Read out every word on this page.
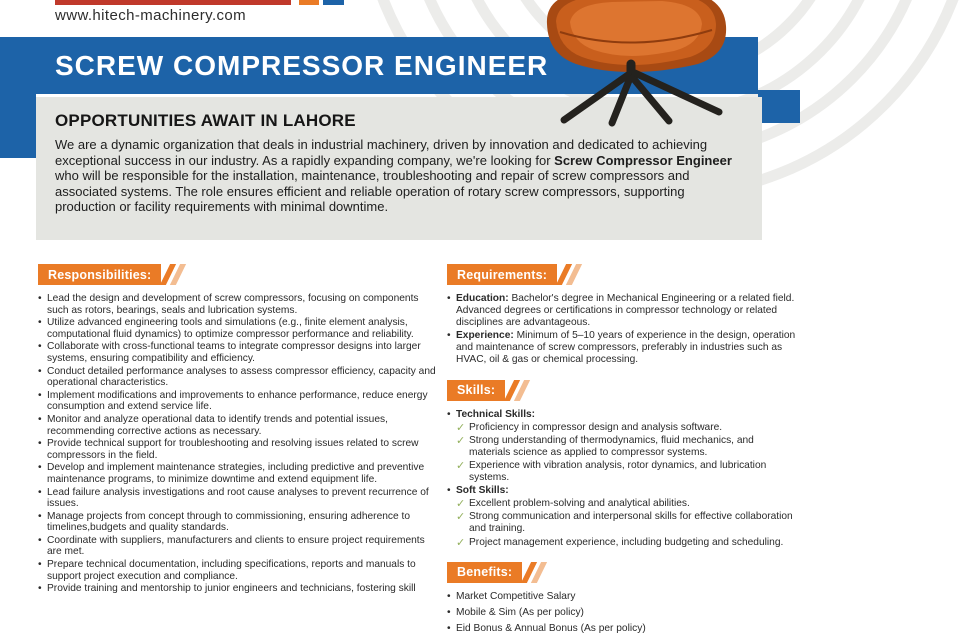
www.hitech-machinery.com
SCREW COMPRESSOR ENGINEER
OPPORTUNITIES AWAIT IN LAHORE

We are a dynamic organization that deals in industrial machinery, driven by innovation and dedicated to achieving exceptional success in our industry. As a rapidly expanding company, we're looking for Screw Compressor Engineer who will be responsible for the installation, maintenance, troubleshooting and repair of screw compressors and associated systems. The role ensures efficient and reliable operation of rotary screw compressors, supporting production or facility requirements with minimal downtime.

Responsibilities:
• Lead the design and development of screw compressors, focusing on components such as rotors, bearings, seals and lubrication systems.
• Utilize advanced engineering tools and simulations (e.g., finite element analysis, computational fluid dynamics) to optimize compressor performance and reliability.
• Collaborate with cross-functional teams to integrate compressor designs into larger systems, ensuring compatibility and efficiency.
• Conduct detailed performance analyses to assess compressor efficiency, capacity and operational characteristics.
• Implement modifications and improvements to enhance performance, reduce energy consumption and extend service life.
• Monitor and analyze operational data to identify trends and potential issues, recommending corrective actions as necessary.
• Provide technical support for troubleshooting and resolving issues related to screw compressors in the field.
• Develop and implement maintenance strategies, including predictive and preventive maintenance programs, to minimize downtime and extend equipment life.
• Lead failure analysis investigations and root cause analyses to prevent recurrence of issues.
• Manage projects from concept through to commissioning, ensuring adherence to timelines,budgets and quality standards.
• Coordinate with suppliers, manufacturers and clients to ensure project requirements are met.
• Prepare technical documentation, including specifications, reports and manuals to support project execution and compliance.
• Provide training and mentorship to junior engineers and technicians, fostering skill
Requirements:
• Education: Bachelor's degree in Mechanical Engineering or a related field. Advanced degrees or certifications in compressor technology or related disciplines are advantageous.
• Experience: Minimum of 5–10 years of experience in the design, operation and maintenance of screw compressors, preferably in industries such as HVAC, oil & gas or chemical processing.
Skills:
• Technical Skills:
✓ Proficiency in compressor design and analysis software.
✓ Strong understanding of thermodynamics, fluid mechanics, and materials science as applied to compressor systems.
✓ Experience with vibration analysis, rotor dynamics, and lubrication systems.
• Soft Skills:
✓ Excellent problem-solving and analytical abilities.
✓ Strong communication and interpersonal skills for effective collaboration and training.
✓ Project management experience, including budgeting and scheduling.
Benefits:
• Market Competitive Salary
• Mobile & Sim (As per policy)
• Eid Bonus & Annual Bonus (As per policy)
